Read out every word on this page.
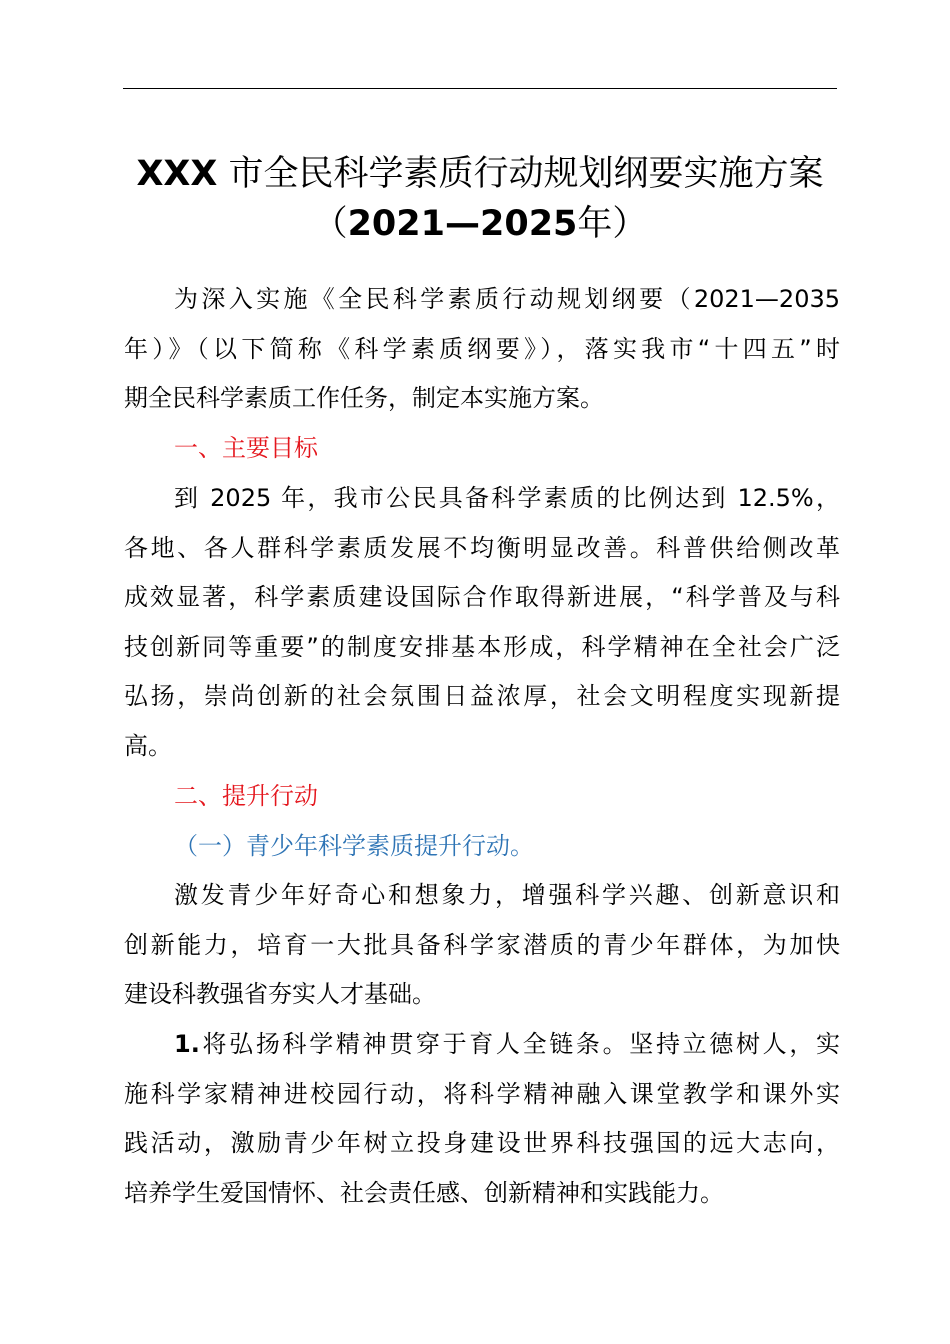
XXX 市全民科学素质行动规划纲要实施方案
（2021—2025年）
为深入实施《全民科学素质行动规划纲要（2021—2035
年）》（以下简称《科学素质纲要》），落实我市“十四五”时
期全民科学素质工作任务，制定本实施方案。
一、主要目标
到 2025 年，我市公民具备科学素质的比例达到 12.5%，
各地、各人群科学素质发展不均衡明显改善。科普供给侧改革
成效显著，科学素质建设国际合作取得新进展，“科学普及与科
技创新同等重要”的制度安排基本形成，科学精神在全社会广泛
弘扬，崇尚创新的社会氛围日益浓厚，社会文明程度实现新提
高。
二、提升行动
（一）青少年科学素质提升行动。
激发青少年好奇心和想象力，增强科学兴趣、创新意识和
创新能力，培育一大批具备科学家潜质的青少年群体，为加快
建设科教强省夯实人才基础。
1.将弘扬科学精神贯穿于育人全链条。坚持立德树人，实
施科学家精神进校园行动，将科学精神融入课堂教学和课外实
践活动，激励青少年树立投身建设世界科技强国的远大志向，
培养学生爱国情怀、社会责任感、创新精神和实践能力。
